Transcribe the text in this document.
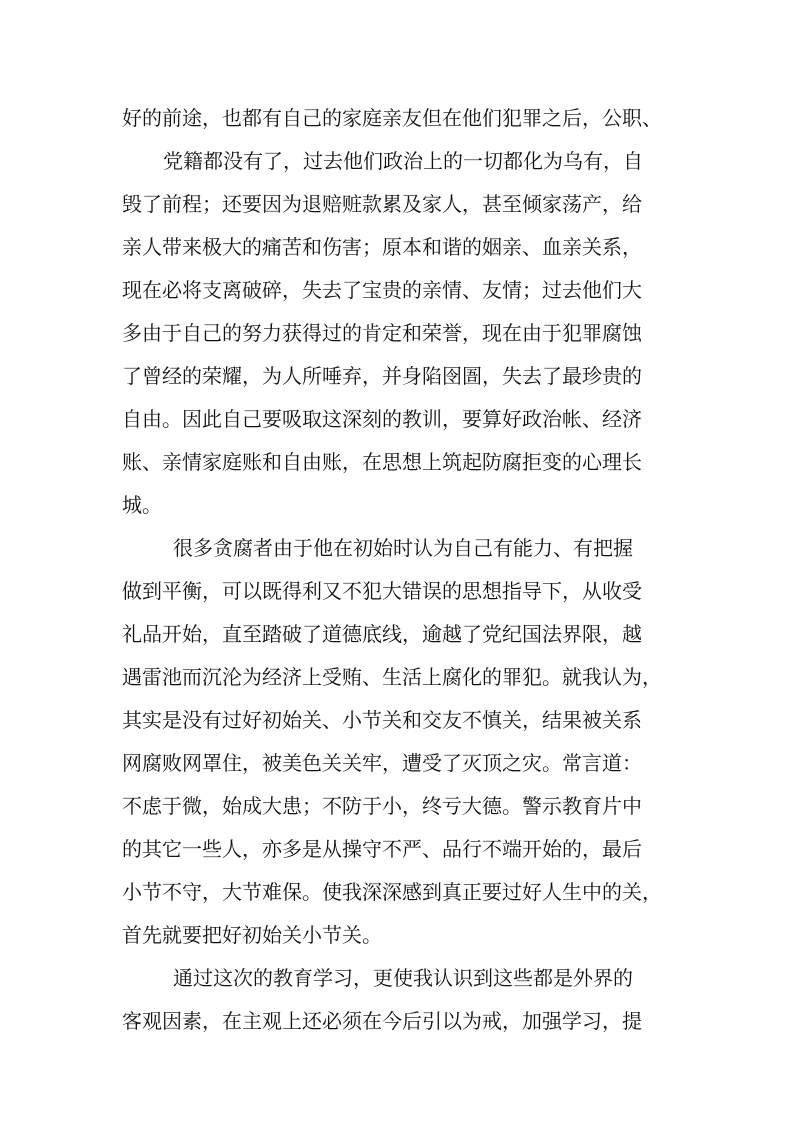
好的前途，也都有自己的家庭亲友但在他们犯罪之后，公职、
党籍都没有了，过去他们政治上的一切都化为乌有，自
毁了前程；还要因为退赔赃款累及家人，甚至倾家荡产，给
亲人带来极大的痛苦和伤害；原本和谐的姻亲、血亲关系，
现在必将支离破碎，失去了宝贵的亲情、友情；过去他们大
多由于自己的努力获得过的肯定和荣誉，现在由于犯罪腐蚀
了曾经的荣耀，为人所唾弃，并身陷囹圄，失去了最珍贵的
自由。因此自己要吸取这深刻的教训，要算好政治帐、经济
账、亲情家庭账和自由账，在思想上筑起防腐拒变的心理长
城。
很多贪腐者由于他在初始时认为自己有能力、有把握
做到平衡，可以既得利又不犯大错误的思想指导下，从收受
礼品开始，直至踏破了道德底线，逾越了党纪国法界限，越
遇雷池而沉沦为经济上受贿、生活上腐化的罪犯。就我认为，
其实是没有过好初始关、小节关和交友不慎关，结果被关系
网腐败网罩住，被美色关关牢，遭受了灭顶之灾。常言道：
不虑于微，始成大患；不防于小，终亏大德。警示教育片中
的其它一些人，亦多是从操守不严、品行不端开始的，最后
小节不守，大节难保。使我深深感到真正要过好人生中的关，
首先就要把好初始关小节关。
通过这次的教育学习，更使我认识到这些都是外界的
客观因素，在主观上还必须在今后引以为戒，加强学习，提
